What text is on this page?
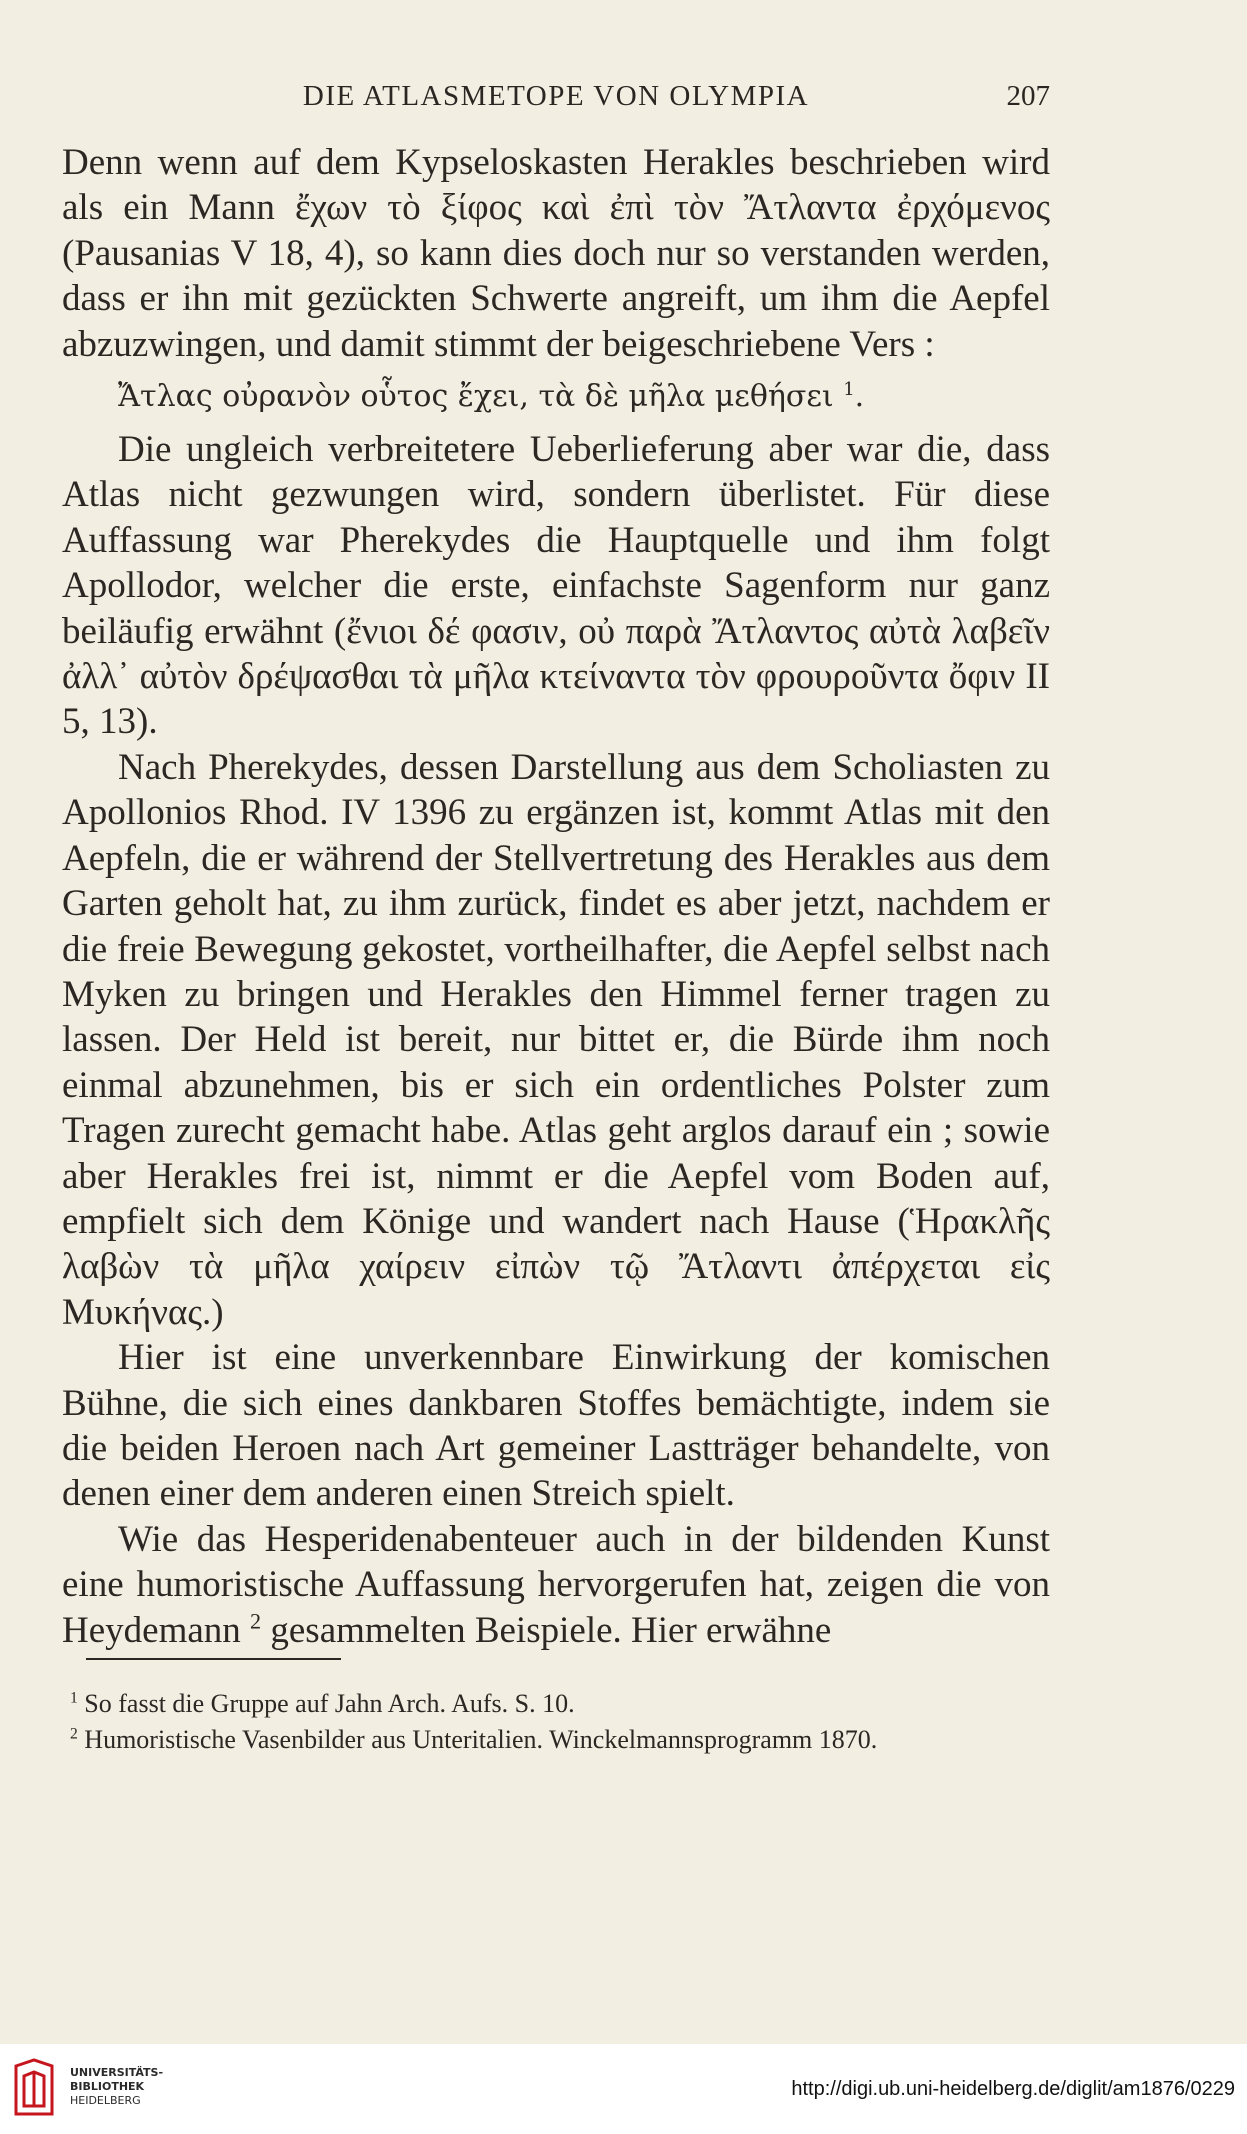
DIE ATLASMETOPE VON OLYMPIA	207

Denn wenn auf dem Kypseloskasten Herakles beschrieben wird als ein Mann ἔχων τὸ ξίφος καὶ ἐπὶ τὸν Ἄτλαντα ἐρχόμενος (Pausanias V 18, 4), so kann dies doch nur so verstanden werden, dass er ihn mit gezückten Schwerte angreift, um ihm die Aepfel abzuzwingen, und damit stimmt der beigeschriebene Vers :

Ἄτλας οὐρανὸν οὗτος ἔχει, τὰ δὲ μῆλα μεθήσει $^1$.

Die ungleich verbreitetere Ueberlieferung aber war die, dass Atlas nicht gezwungen wird, sondern überlistet. Für diese Auffassung war Pherekydes die Hauptquelle und ihm folgt Apollodor, welcher die erste, einfachste Sagenform nur ganz beiläufig erwähnt (ἔνιοι δέ φασιν, οὐ παρὰ Ἄτλαντος αὐτὰ λαβεῖν ἀλλ᾽ αὐτὸν δρέψασθαι τὰ μῆλα κτείναντα τὸν φρουροῦντα ὄφιν II 5, 13).

Nach Pherekydes, dessen Darstellung aus dem Scholiasten zu Apollonios Rhod. IV 1396 zu ergänzen ist, kommt Atlas mit den Aepfeln, die er während der Stellvertretung des Herakles aus dem Garten geholt hat, zu ihm zurück, findet es aber jetzt, nachdem er die freie Bewegung gekostet, vortheilhafter, die Aepfel selbst nach Myken zu bringen und Herakles den Himmel ferner tragen zu lassen. Der Held ist bereit, nur bittet er, die Bürde ihm noch einmal abzunehmen, bis er sich ein ordentliches Polster zum Tragen zurecht gemacht habe. Atlas geht arglos darauf ein ; sowie aber Herakles frei ist, nimmt er die Aepfel vom Boden auf, empfielt sich dem Könige und wandert nach Hause (Ἡρακλῆς λαβὼν τὰ μῆλα χαίρειν εἰπὼν τῷ Ἄτλαντι ἀπέρχεται εἰς Μυκήνας.)

Hier ist eine unverkennbare Einwirkung der komischen Bühne, die sich eines dankbaren Stoffes bemächtigte, indem sie die beiden Heroen nach Art gemeiner Lastträger behandelte, von denen einer dem anderen einen Streich spielt.

Wie das Hesperidenabenteuer auch in der bildenden Kunst eine humoristische Auffassung hervorgerufen hat, zeigen die von Heydemann $^2$ gesammelten Beispiele. Hier erwähne

$^1$ So fasst die Gruppe auf Jahn Arch. Aufs. S. 10.
$^2$ Humoristische Vasenbilder aus Unteritalien. Winckelmannsprogramm 1870.
UNIVERSITÄTS-
BIBLIOTHEK
HEIDELBERG
http://digi.ub.uni-heidelberg.de/diglit/am1876/0229
